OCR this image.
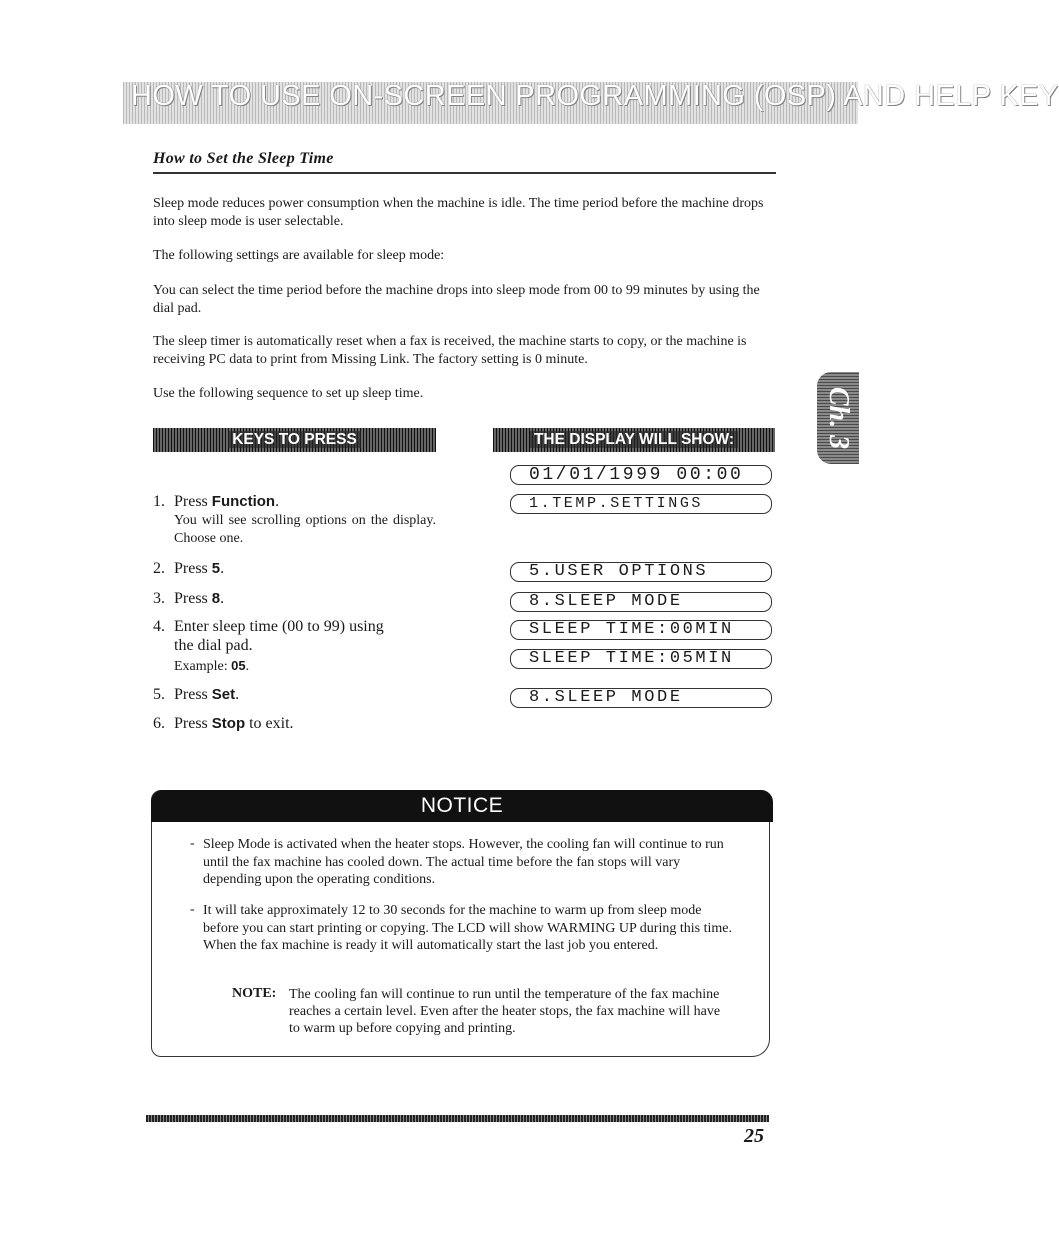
HOW TO USE ON-SCREEN PROGRAMMING (OSP) AND HELP KEY
How to Set the Sleep Time

Sleep mode reduces power consumption when the machine is idle. The time period before the machine drops into sleep mode is user selectable.

The following settings are available for sleep mode:

You can select the time period before the machine drops into sleep mode from 00 to 99 minutes by using the dial pad.

The sleep timer is automatically reset when a fax is received, the machine starts to copy, or the machine is receiving PC data to print from Missing Link. The factory setting is 0 minute.

Use the following sequence to set up sleep time.	Ch. 3
KEYS TO PRESS	THE DISPLAY WILL SHOW:
1. Press Function.
You will see scrolling options on the display. Choose one.
2. Press 5.
3. Press 8.
4. Enter sleep time (00 to 99) using
the dial pad.
Example: 05.
5. Press Set.
6. Press Stop to exit.
01/01/1999 00:00
1.TEMP.SETTINGS
5.USER OPTIONS
8.SLEEP MODE
SLEEP TIME:00MIN
SLEEP TIME:05MIN
8.SLEEP MODE
NOTICE
- Sleep Mode is activated when the heater stops. However, the cooling fan will continue to run until the fax machine has cooled down. The actual time before the fan stops will vary depending upon the operating conditions.

- It will take approximately 12 to 30 seconds for the machine to warm up from sleep mode before you can start printing or copying. The LCD will show WARMING UP during this time. When the fax machine is ready it will automatically start the last job you entered.

NOTE: The cooling fan will continue to run until the temperature of the fax machine reaches a certain level. Even after the heater stops, the fax machine will have to warm up before copying and printing.

25
